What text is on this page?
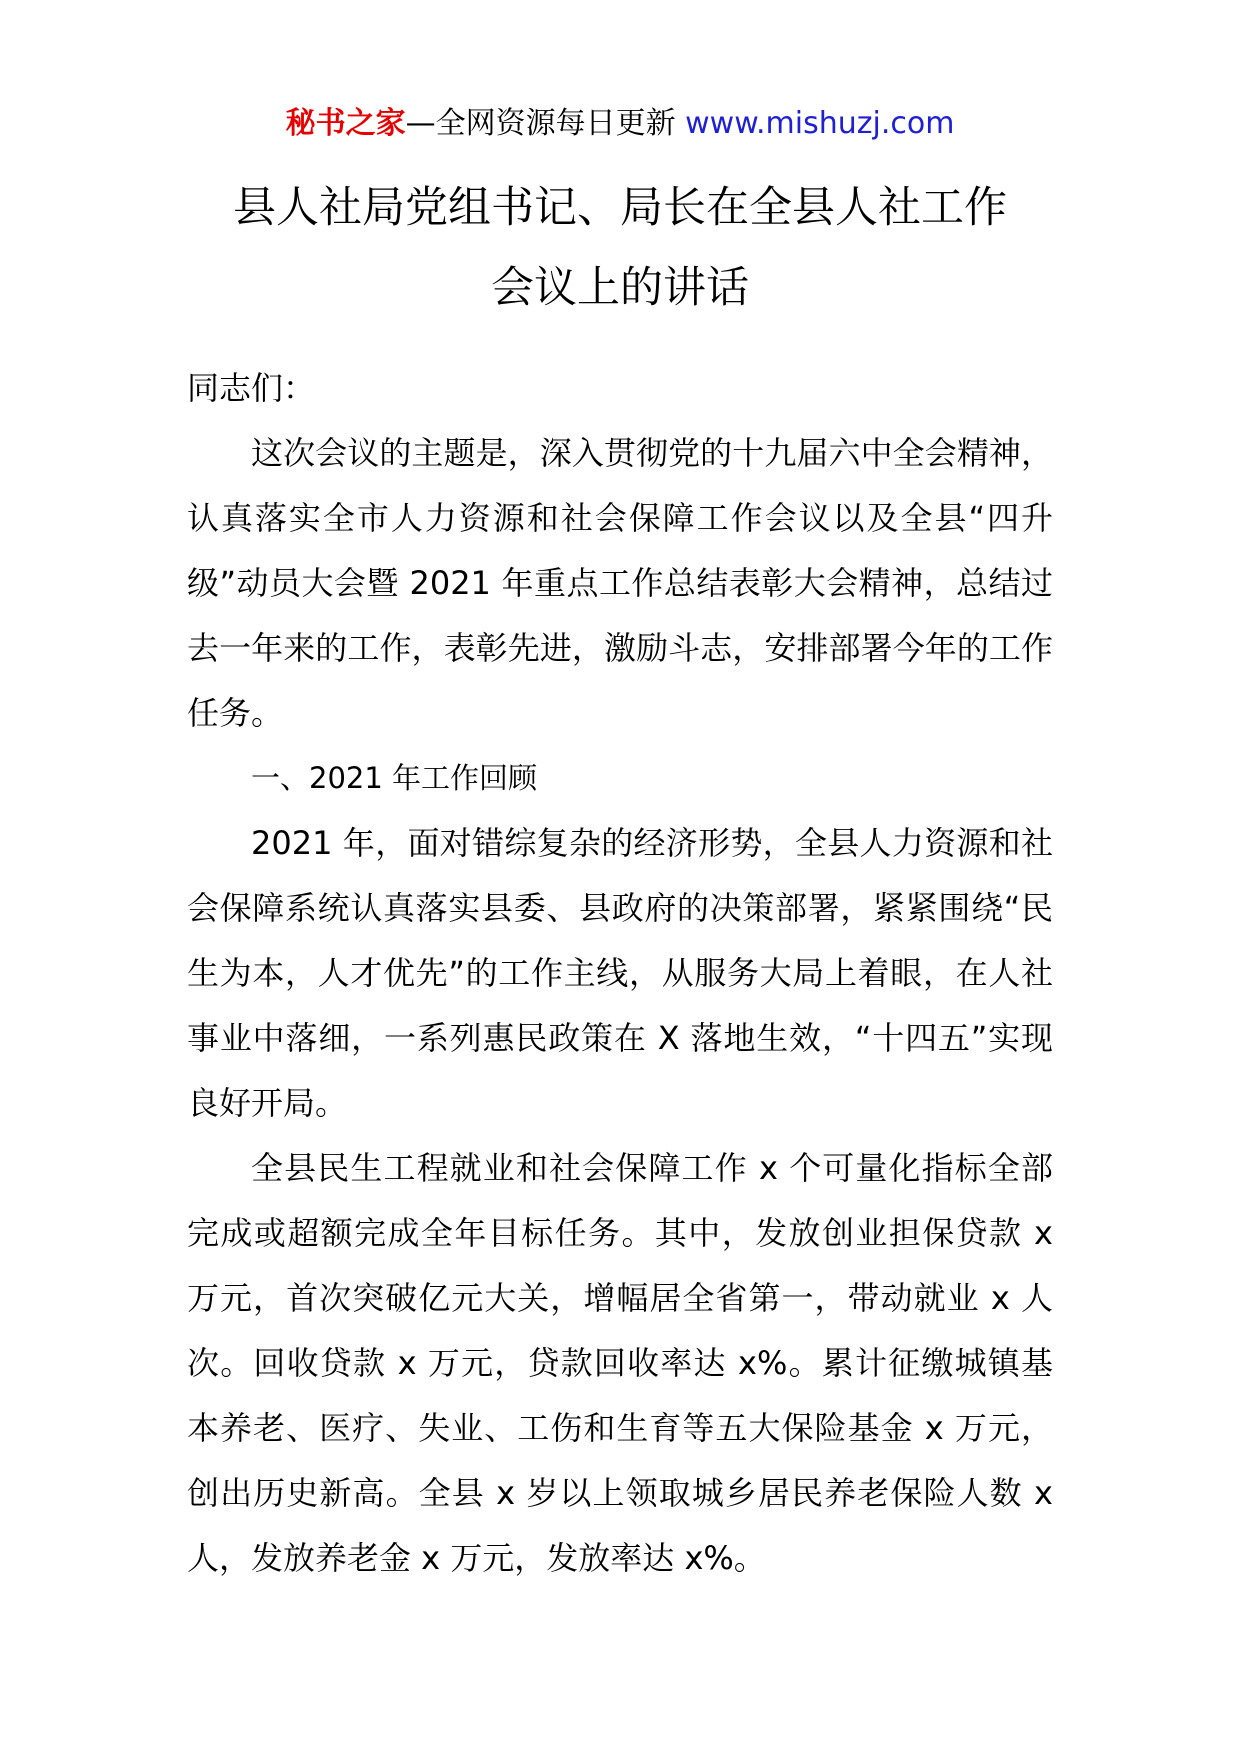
秘书之家—全网资源每日更新 www.mishuzj.com
县人社局党组书记、局长在全县人社工作
会议上的讲话

同志们：

这次会议的主题是，深入贯彻党的十九届六中全会精神，认真落实全市人力资源和社会保障工作会议以及全县“四升级”动员大会暨 2021 年重点工作总结表彰大会精神，总结过去一年来的工作，表彰先进，激励斗志，安排部署今年的工作任务。

一、2021 年工作回顾

2021 年，面对错综复杂的经济形势，全县人力资源和社会保障系统认真落实县委、县政府的决策部署，紧紧围绕“民生为本，人才优先”的工作主线，从服务大局上着眼，在人社事业中落细，一系列惠民政策在 X 落地生效，“十四五”实现良好开局。

全县民生工程就业和社会保障工作 x 个可量化指标全部完成或超额完成全年目标任务。其中，发放创业担保贷款 x 万元，首次突破亿元大关，增幅居全省第一，带动就业 x 人次。回收贷款 x 万元，贷款回收率达 x%。累计征缴城镇基本养老、医疗、失业、工伤和生育等五大保险基金 x 万元，创出历史新高。全县 x 岁以上领取城乡居民养老保险人数 x 人，发放养老金 x 万元，发放率达 x%。
